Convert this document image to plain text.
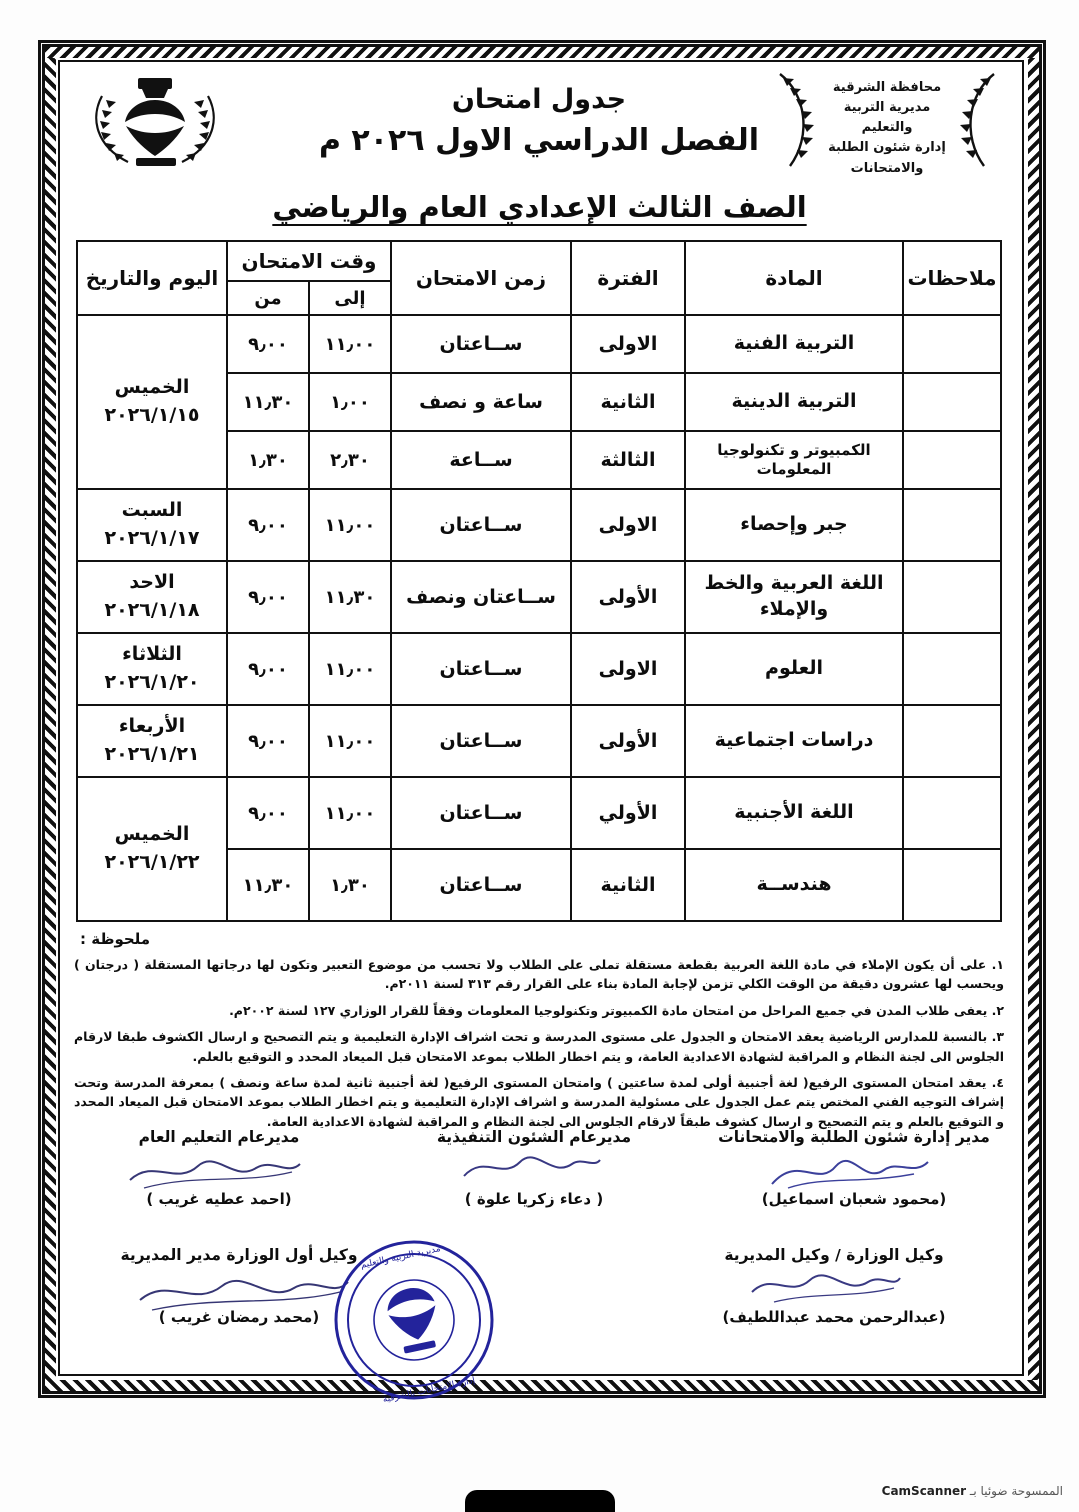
محافظة الشرقية
مديرية التربية والتعليم
إدارة شئون الطلبة والامتحانات
جدول امتحان
الفصل الدراسي الاول ٢٠٢٦ م
الصف الثالث الإعدادي العام والرياضي
ملاحظات	المادة	الفترة	زمن الامتحان	وقت الامتحان		اليوم والتاريخ
				إلى	من	
	التربية الفنية	الاولى	ســاعتان	١١٫٠٠	٩٫٠٠	الخميس
٢٠٢٦/١/١٥

	التربية الدينية	الثانية	ساعة و نصف	١٫٠٠	١١٫٣٠	
	الكمبيوتر و تكنولوجيا المعلومات	الثالثة	ســاعة	٢٫٣٠	١٫٣٠	
	جبر وإحصاء	الاولى	ســاعتان	١١٫٠٠	٩٫٠٠	السبت
٢٠٢٦/١/١٧

	اللغة العربية والخط والإملاء	الأولى	ســاعتان ونصف	١١٫٣٠	٩٫٠٠	الاحد
٢٠٢٦/١/١٨

	العلوم	الاولى	ســاعتان	١١٫٠٠	٩٫٠٠	الثلاثاء
٢٠٢٦/١/٢٠

	دراسات اجتماعية	الأولى	ســاعتان	١١٫٠٠	٩٫٠٠	الأربعاء
٢٠٢٦/١/٢١

	اللغة الأجنبية	الأولي	ســاعتان	١١٫٠٠	٩٫٠٠	الخميس
٢٠٢٦/١/٢٢

	هندســة	الثانية	ســاعتان	١٫٣٠	١١٫٣٠	
ملحوظة :
١. على أن يكون الإملاء في مادة اللغة العربية بقطعة مستقلة تملى على الطلاب ولا تحسب من موضوع التعبير وتكون لها درجاتها المستقلة ( درجتان ) ويحسب لها عشرون دقيقة من الوقت الكلي تزمن لإجابة المادة بناء على القرار رقم ٣١٣ لسنة ٢٠١١م.
٢. يعفى طلاب المدن في جميع المراحل من امتحان مادة الكمبيوتر وتكنولوجيا المعلومات وفقاً للقرار الوزاري ١٢٧ لسنة ٢٠٠٢م.
٣. بالنسبة للمدارس الرياضية يعقد الامتحان و الجدول على مستوى المدرسة و تحت اشراف الإدارة التعليمية و يتم التصحيح و ارسال الكشوف طبقا لارقام الجلوس الى لجنة النظام و المراقبة لشهادة الاعدادية العامة، و يتم اخطار الطلاب بموعد الامتحان قبل الميعاد المحدد و التوقيع بالعلم.
٤. يعقد امتحان المستوى الرفيع( لغة أجنبية أولى لمدة ساعتين ) وامتحان المستوى الرفيع( لغة أجنبية ثانية لمدة ساعة ونصف ) بمعرفة المدرسة وتحت إشراف التوجيه الفني المختص يتم عمل الجدول على مسئولية المدرسة و اشراف الإدارة التعليمية و يتم اخطار الطلاب بموعد الامتحان قبل الميعاد المحدد و التوقيع بالعلم و يتم التصحيح و ارسال كشوف طبقاً لارقام الجلوس الى لجنة النظام و المراقبة لشهادة الاعدادية العامة.
مدير إدارة شئون الطلبة والامتحانات
(محمود شعبان اسماعيل)
مديرعام الشئون التنفيذية
( دعاء زكريا علوة )
مديرعام التعليم العام
(احمد عطيه غريب )
وكيل الوزارة / وكيل المديرية
(عبدالرحمن محمد عبداللطيف)
وكيل أول الوزارة مدير المديرية
(محمد رمضان غريب )
مديرية التربية والتعليم
إدارة الامتحانات بالشرقية
الممسوحة ضوئيا بـ CamScanner
